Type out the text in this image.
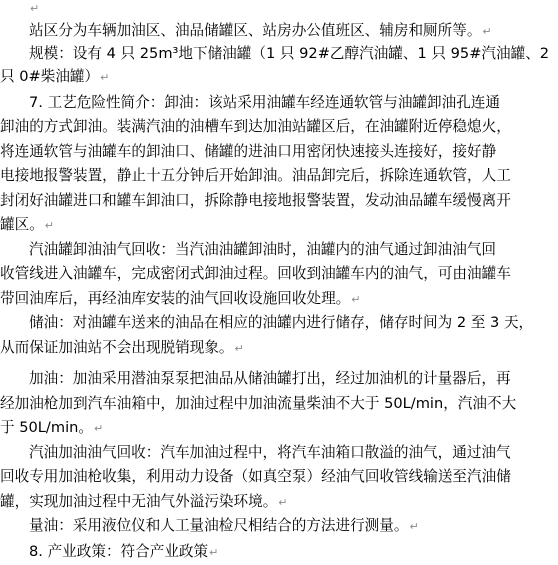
↵
站区分为车辆加油区、油品储罐区、站房办公值班区、辅房和厕所等。↵
规模：设有 4 只 25m³地下储油罐（1 只 92#乙醇汽油罐、1 只 95#汽油罐、2
只 0#柴油罐）↵
7. 工艺危险性简介：卸油：该站采用油罐车经连通软管与油罐卸油孔连通
卸油的方式卸油。装满汽油的油槽车到达加油站罐区后，在油罐附近停稳熄火，
将连通软管与油罐车的卸油口、储罐的进油口用密闭快速接头连接好，接好静
电接地报警装置，静止十五分钟后开始卸油。油品卸完后，拆除连通软管，人工
封闭好油罐进口和罐车卸油口，拆除静电接地报警装置，发动油品罐车缓慢离开
罐区。↵
汽油罐卸油油气回收：当汽油油罐卸油时，油罐内的油气通过卸油油气回
收管线进入油罐车，完成密闭式卸油过程。回收到油罐车内的油气，可由油罐车
带回油库后，再经油库安装的油气回收设施回收处理。↵
储油：对油罐车送来的油品在相应的油罐内进行储存，储存时间为 2 至 3 天，
从而保证加油站不会出现脱销现象。↵
加油：加油采用潜油泵泵把油品从储油罐打出，经过加油机的计量器后，再
经加油枪加到汽车油箱中，加油过程中加油流量柴油不大于 50L/min，汽油不大
于 50L/min。↵
汽油加油油气回收：汽车加油过程中，将汽车油箱口散溢的油气，通过油气
回收专用加油枪收集，利用动力设备（如真空泵）经油气回收管线输送至汽油储
罐，实现加油过程中无油气外溢污染环境。↵
量油：采用液位仪和人工量油检尺相结合的方法进行测量。↵
8. 产业政策：符合产业政策↵
